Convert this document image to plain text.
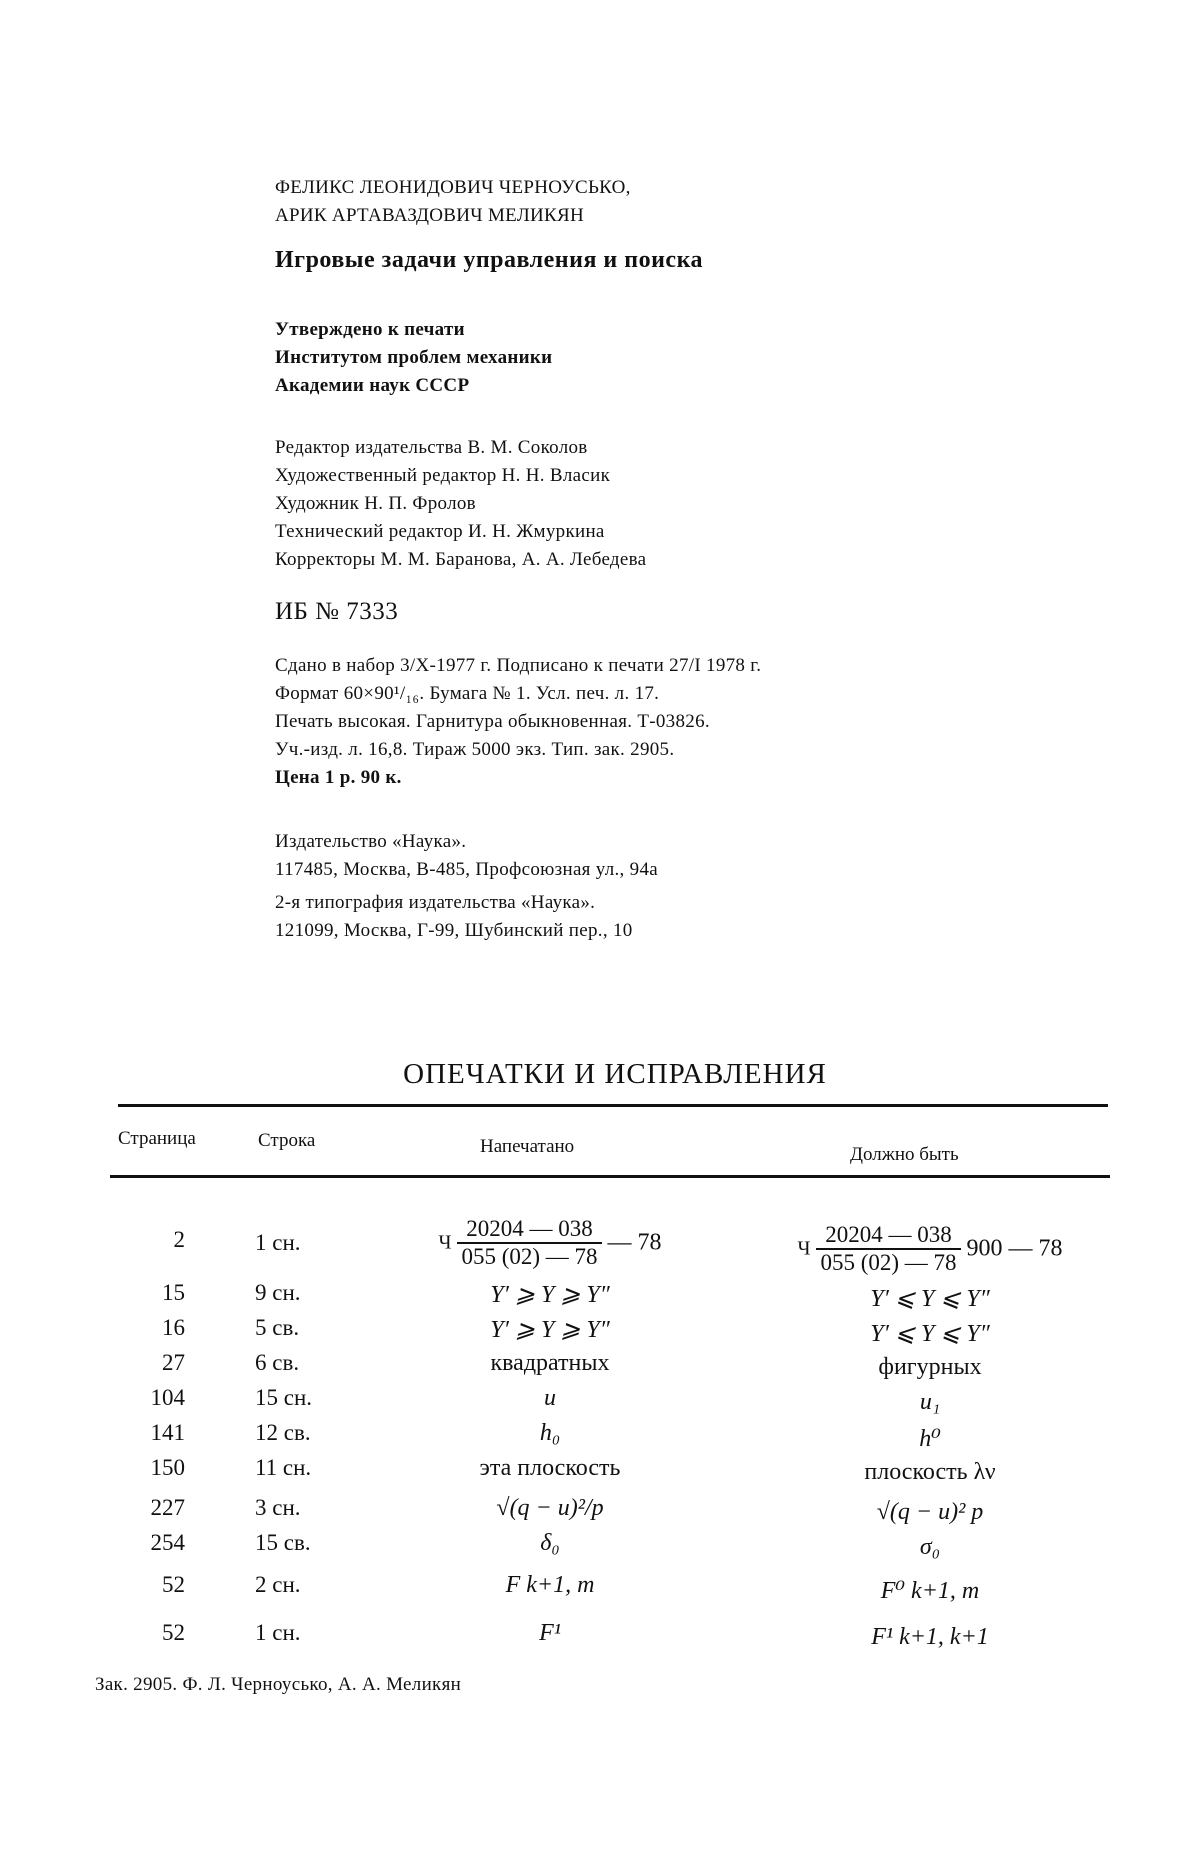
ФЕЛИКС ЛЕОНИДОВИЧ ЧЕРНОУСЬКО,
АРИК АРТАВАЗДОВИЧ МЕЛИКЯН
Игровые задачи управления и поиска
Утверждено к печати
Институтом проблем механики
Академии наук СССР
Редактор издательства В. М. Соколов
Художественный редактор Н. Н. Власик
Художник Н. П. Фролов
Технический редактор И. Н. Жмуркина
Корректоры М. М. Баранова, А. А. Лебедева
ИБ № 7333
Сдано в набор 3/X-1977 г. Подписано к печати 27/I 1978 г.
Формат 60×90¹/₁₆. Бумага № 1. Усл. печ. л. 17.
Печать высокая. Гарнитура обыкновенная. Т-03826.
Уч.-изд. л. 16,8. Тираж 5000 экз. Тип. зак. 2905.
Цена 1 р. 90 к.
Издательство «Наука».
117485, Москва, В-485, Профсоюзная ул., 94а
2-я типография издательства «Наука».
121099, Москва, Г-99, Шубинский пер., 10
ОПЕЧАТКИ И ИСПРАВЛЕНИЯ
Страница	Строка	Напечатано	Должно быть
2	1 сн.	Ч $\frac{20204 — 038}{055 (02) — 78}$ — 78	Ч $\frac{20204 — 038}{055 (02) — 78} 900$ — 78
15	9 сн.	Y′ ⩾ Y ⩾ Y″	Y′ ⩽ Y ⩽ Y″
16	5 св.	Y′ ⩾ Y ⩾ Y″	Y′ ⩽ Y ⩽ Y″
27	6 св.	квадратных	фигурных
104	15 сн.	u	u₁
141	12 св.	h₀	h⁰
150	11 сн.	эта плоскость	плоскость λν
227	3 сн.	√(q − u)²/p	√(q − u)² p
254	15 св.	δ₀	σ₀
52	2 сн.	F k+1, m	F⁰ k+1, m
52	1 сн.	F¹	F¹ k+1, k+1
Зак. 2905. Ф. Л. Черноусько, А. А. Меликян
